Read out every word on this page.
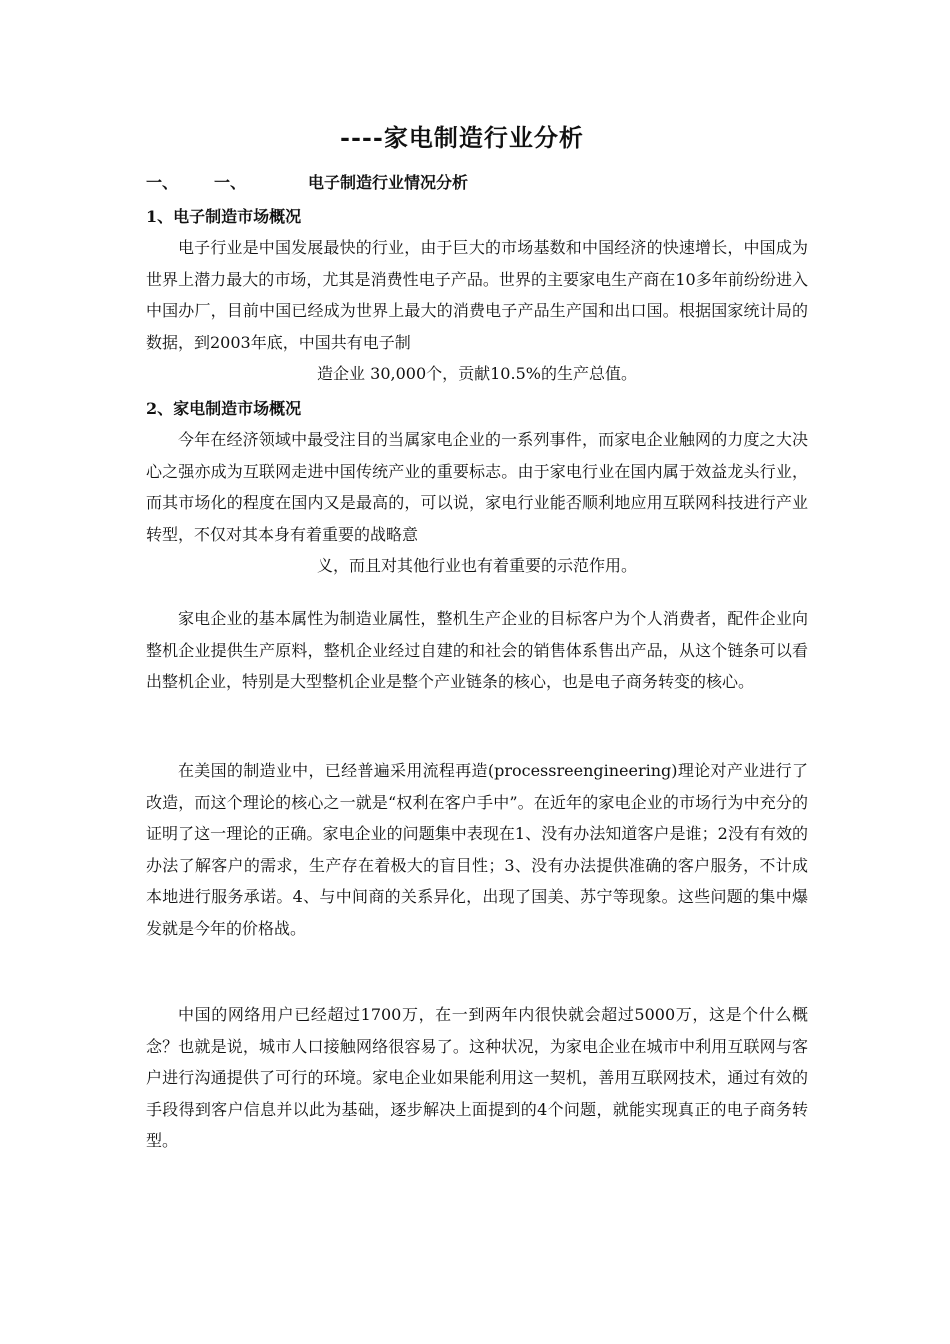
----家电制造行业分析
一、 一、	电子制造行业情况分析
1、电子制造市场概况

电子行业是中国发展最快的行业，由于巨大的市场基数和中国经济的快速增长，中国成为世界上潜力最大的市场，尤其是消费性电子产品。世界的主要家电生产商在10多年前纷纷进入中国办厂，目前中国已经成为世界上最大的消费电子产品生产国和出口国。根据国家统计局的数据，到2003年底，中国共有电子制
造企业 30,000个，贡献10.5%的生产总值。

2、家电制造市场概况

今年在经济领域中最受注目的当属家电企业的一系列事件，而家电企业触网的力度之大决心之强亦成为互联网走进中国传统产业的重要标志。由于家电行业在国内属于效益龙头行业，而其市场化的程度在国内又是最高的，可以说，家电行业能否顺利地应用互联网科技进行产业转型，不仅对其本身有着重要的战略意
义，而且对其他行业也有着重要的示范作用。

家电企业的基本属性为制造业属性，整机生产企业的目标客户为个人消费者，配件企业向整机企业提供生产原料，整机企业经过自建的和社会的销售体系售出产品，从这个链条可以看出整机企业，特别是大型整机企业是整个产业链条的核心，也是电子商务转变的核心。

在美国的制造业中，已经普遍采用流程再造(processreengineering)理论对产业进行了改造，而这个理论的核心之一就是“权利在客户手中”。在近年的家电企业的市场行为中充分的证明了这一理论的正确。家电企业的问题集中表现在1、没有办法知道客户是谁；2没有有效的办法了解客户的需求，生产存在着极大的盲目性；3、没有办法提供准确的客户服务，不计成本地进行服务承诺。4、与中间商的关系异化，出现了国美、苏宁等现象。这些问题的集中爆发就是今年的价格战。

中国的网络用户已经超过1700万，在一到两年内很快就会超过5000万，这是个什么概念？也就是说，城市人口接触网络很容易了。这种状况，为家电企业在城市中利用互联网与客户进行沟通提供了可行的环境。家电企业如果能利用这一契机，善用互联网技术，通过有效的手段得到客户信息并以此为基础，逐步解决上面提到的4个问题，就能实现真正的电子商务转型。
